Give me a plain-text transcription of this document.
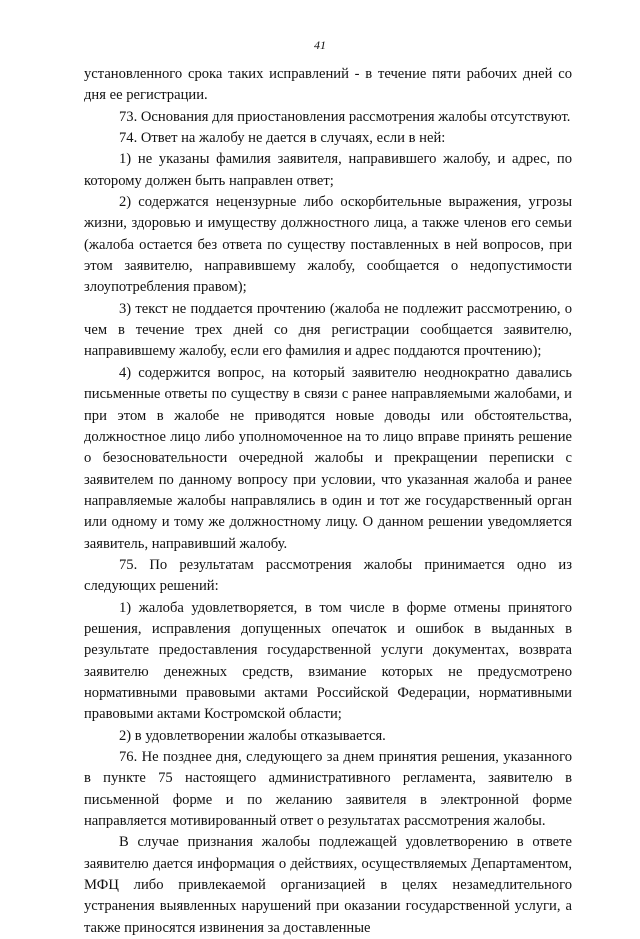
41

установленного срока таких исправлений - в течение пяти рабочих дней со дня ее регистрации.

73. Основания для приостановления рассмотрения жалобы отсутствуют.

74. Ответ на жалобу не дается в случаях, если в ней:

1) не указаны фамилия заявителя, направившего жалобу, и адрес, по которому должен быть направлен ответ;

2) содержатся нецензурные либо оскорбительные выражения, угрозы жизни, здоровью и имуществу должностного лица, а также членов его семьи (жалоба остается без ответа по существу поставленных в ней вопросов, при этом заявителю, направившему жалобу, сообщается о недопустимости злоупотребления правом);

3) текст не поддается прочтению (жалоба не подлежит рассмотрению, о чем в течение трех дней со дня регистрации сообщается заявителю, направившему жалобу, если его фамилия и адрес поддаются прочтению);

4) содержится вопрос, на который заявителю неоднократно давались письменные ответы по существу в связи с ранее направляемыми жалобами, и при этом в жалобе не приводятся новые доводы или обстоятельства, должностное лицо либо уполномоченное на то лицо вправе принять решение о безосновательности очередной жалобы и прекращении переписки с заявителем по данному вопросу при условии, что указанная жалоба и ранее направляемые жалобы направлялись в один и тот же государственный орган или одному и тому же должностному лицу. О данном решении уведомляется заявитель, направивший жалобу.

75. По результатам рассмотрения жалобы принимается одно из следующих решений:

1) жалоба удовлетворяется, в том числе в форме отмены принятого решения, исправления допущенных опечаток и ошибок в выданных в результате предоставления государственной услуги документах, возврата заявителю денежных средств, взимание которых не предусмотрено нормативными правовыми актами Российской Федерации, нормативными правовыми актами Костромской области;

2) в удовлетворении жалобы отказывается.

76. Не позднее дня, следующего за днем принятия решения, указанного в пункте 75 настоящего административного регламента, заявителю в письменной форме и по желанию заявителя в электронной форме направляется мотивированный ответ о результатах рассмотрения жалобы.

В случае признания жалобы подлежащей удовлетворению в ответе заявителю дается информация о действиях, осуществляемых Департаментом, МФЦ либо привлекаемой организацией в целях незамедлительного устранения выявленных нарушений при оказании государственной услуги, а также приносятся извинения за доставленные
